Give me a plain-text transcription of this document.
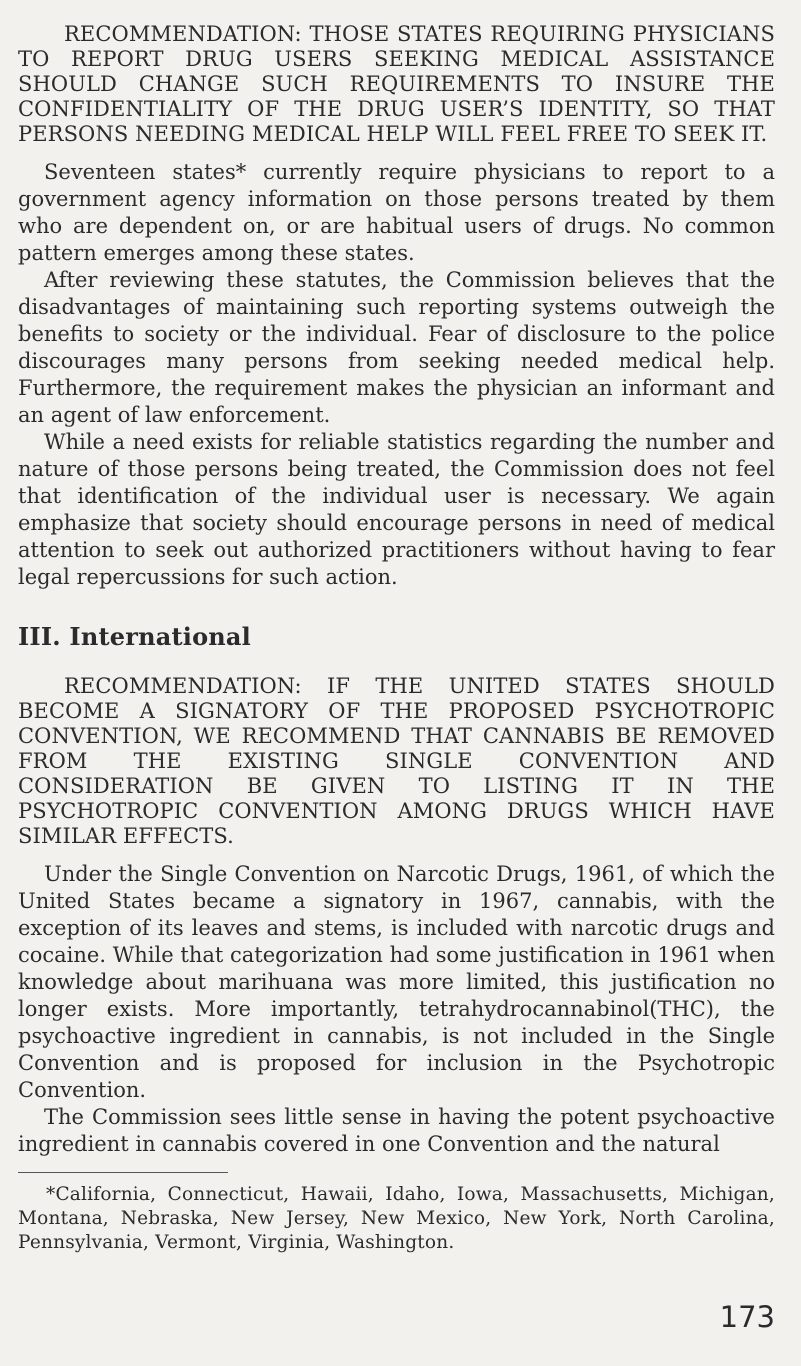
RECOMMENDATION: THOSE STATES REQUIRING PHYSICIANS TO REPORT DRUG USERS SEEKING MEDICAL ASSISTANCE SHOULD CHANGE SUCH REQUIREMENTS TO INSURE THE CONFIDENTIALITY OF THE DRUG USER’S IDENTITY, SO THAT PERSONS NEEDING MEDICAL HELP WILL FEEL FREE TO SEEK IT.

Seventeen states* currently require physicians to report to a government agency information on those persons treated by them who are dependent on, or are habitual users of drugs. No common pattern emerges among these states.

After reviewing these statutes, the Commission believes that the disadvantages of maintaining such reporting systems outweigh the benefits to society or the individual. Fear of disclosure to the police discourages many persons from seeking needed medical help. Furthermore, the requirement makes the physician an informant and an agent of law enforcement.

While a need exists for reliable statistics regarding the number and nature of those persons being treated, the Commission does not feel that identification of the individual user is necessary. We again emphasize that society should encourage persons in need of medical attention to seek out authorized practitioners without having to fear legal repercussions for such action.

III. International

RECOMMENDATION: IF THE UNITED STATES SHOULD BECOME A SIGNATORY OF THE PROPOSED PSYCHOTROPIC CONVENTION, WE RECOMMEND THAT CANNABIS BE REMOVED FROM THE EXISTING SINGLE CONVENTION AND CONSIDERATION BE GIVEN TO LISTING IT IN THE PSYCHOTROPIC CONVENTION AMONG DRUGS WHICH HAVE SIMILAR EFFECTS.

Under the Single Convention on Narcotic Drugs, 1961, of which the United States became a signatory in 1967, cannabis, with the exception of its leaves and stems, is included with narcotic drugs and cocaine. While that categorization had some justification in 1961 when knowledge about marihuana was more limited, this justification no longer exists. More importantly, tetrahydrocannabinol(THC), the psychoactive ingredient in cannabis, is not included in the Single Convention and is proposed for inclusion in the Psychotropic Convention.

The Commission sees little sense in having the potent psychoactive ingredient in cannabis covered in one Convention and the natural

*California, Connecticut, Hawaii, Idaho, Iowa, Massachusetts, Michigan, Montana, Nebraska, New Jersey, New Mexico, New York, North Carolina, Pennsylvania, Vermont, Virginia, Washington.

173
